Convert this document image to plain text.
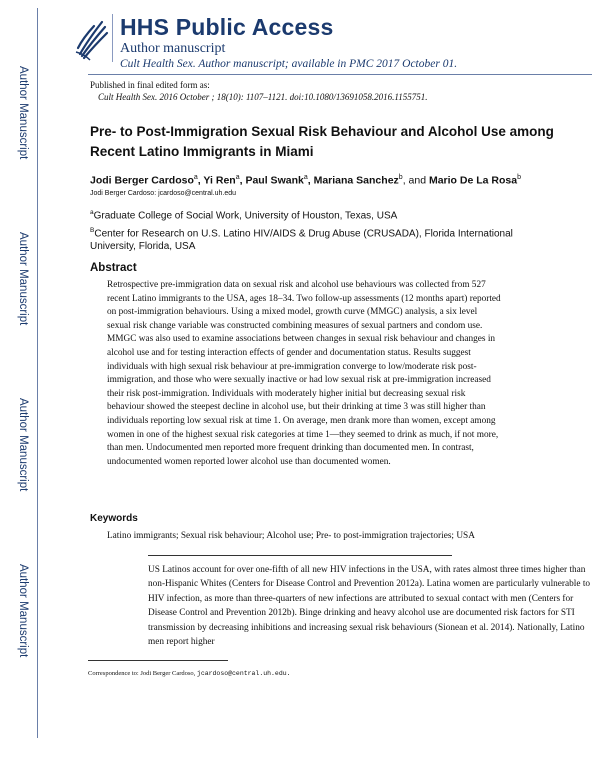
Author Manuscript
Author Manuscript
Author Manuscript
Author Manuscript
HHS Public Access
Author manuscript
Cult Health Sex. Author manuscript; available in PMC 2017 October 01.
Published in final edited form as:
Cult Health Sex. 2016 October ; 18(10): 1107–1121. doi:10.1080/13691058.2016.1155751.
Pre- to Post-Immigration Sexual Risk Behaviour and Alcohol Use among Recent Latino Immigrants in Miami
Jodi Berger Cardoso$^a$, Yi Ren$^a$, Paul Swank$^a$, Mariana Sanchez$^b$, and Mario De La Rosa$^b$
Jodi Berger Cardoso: jcardoso@central.uh.edu
$^a$Graduate College of Social Work, University of Houston, Texas, USA
$^B$Center for Research on U.S. Latino HIV/AIDS & Drug Abuse (CRUSADA), Florida International University, Florida, USA
Abstract
Retrospective pre-immigration data on sexual risk and alcohol use behaviours was collected from 527 recent Latino immigrants to the USA, ages 18–34. Two follow-up assessments (12 months apart) reported on post-immigration behaviours. Using a mixed model, growth curve (MMGC) analysis, a six level sexual risk change variable was constructed combining measures of sexual partners and condom use. MMGC was also used to examine associations between changes in sexual risk behaviour and changes in alcohol use and for testing interaction effects of gender and documentation status. Results suggest individuals with high sexual risk behaviour at pre-immigration converge to low/moderate risk post-immigration, and those who were sexually inactive or had low sexual risk at pre-immigration increased their risk post-immigration. Individuals with moderately higher initial but decreasing sexual risk behaviour showed the steepest decline in alcohol use, but their drinking at time 3 was still higher than individuals reporting low sexual risk at time 1. On average, men drank more than women, except among women in one of the highest sexual risk categories at time 1—they seemed to drink as much, if not more, than men. Undocumented men reported more frequent drinking than documented men. In contrast, undocumented women reported lower alcohol use than documented women.
Keywords
Latino immigrants; Sexual risk behaviour; Alcohol use; Pre- to post-immigration trajectories; USA
US Latinos account for over one-fifth of all new HIV infections in the USA, with rates almost three times higher than non-Hispanic Whites (Centers for Disease Control and Prevention 2012a). Latina women are particularly vulnerable to HIV infection, as more than three-quarters of new infections are attributed to sexual contact with men (Centers for Disease Control and Prevention 2012b). Binge drinking and heavy alcohol use are documented risk factors for STI transmission by decreasing inhibitions and increasing sexual risk behaviours (Sionean et al. 2014). Nationally, Latino men report higher
Correspondence to: Jodi Berger Cardoso, jcardoso@central.uh.edu.
